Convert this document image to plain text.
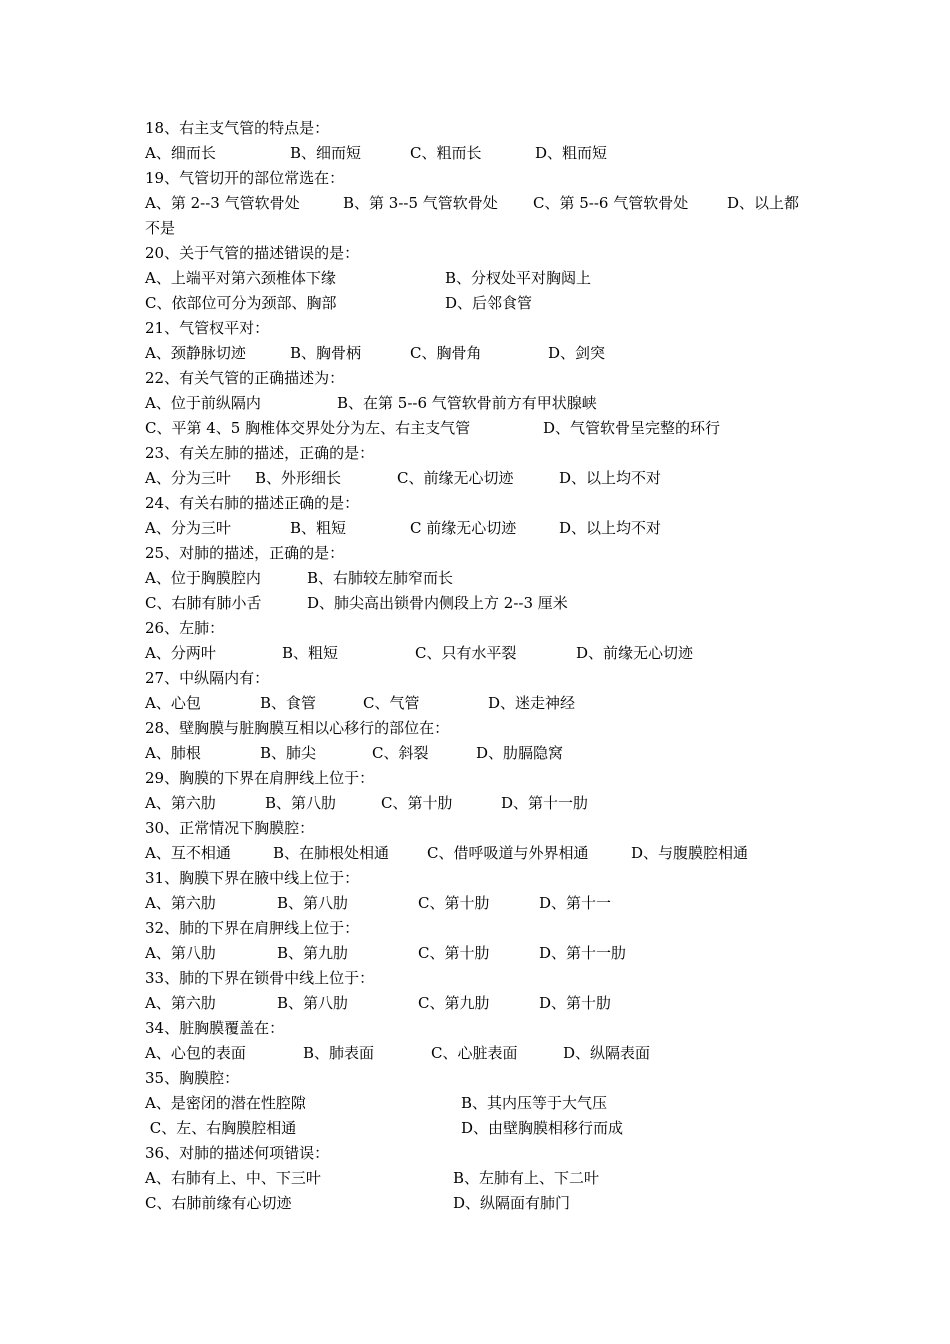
18、右主支气管的特点是：
A、细而长	B、细而短	C、粗而长	D、粗而短
19、气管切开的部位常选在：
A、第 2--3 气管软骨处	B、第 3--5 气管软骨处 C、第 5--6 气管软骨处	D、以上都
不是
20、关于气管的描述错误的是：
A、上端平对第六颈椎体下缘	B、分杈处平对胸闼上
C、依部位可分为颈部、胸部	D、后邻食管
21、气管杈平对：
A、颈静脉切迹	B、胸骨柄	C、胸骨角	D、剑突
22、有关气管的正确描述为：
A、位于前纵隔内	B、在第 5--6 气管软骨前方有甲状腺峡
C、平第 4、5 胸椎体交界处分为左、右主支气管	D、气管软骨呈完整的环行
23、有关左肺的描述，正确的是：
A、分为三叶 B、外形细长	C、前缘无心切迹	D、以上均不对
24、有关右肺的描述正确的是：
A、分为三叶	B、粗短	C 前缘无心切迹	D、以上均不对
25、对肺的描述，正确的是：
A、位于胸膜腔内	B、右肺较左肺窄而长
C、右肺有肺小舌	D、肺尖高出锁骨内侧段上方 2--3 厘米
26、左肺：
A、分两叶	B、粗短	C、只有水平裂	D、前缘无心切迹
27、中纵隔内有：
A、心包	B、食管	C、气管	D、迷走神经
28、壁胸膜与脏胸膜互相以心移行的部位在：
A、肺根	B、肺尖	C、斜裂	D、肋膈隐窝
29、胸膜的下界在肩胛线上位于：
A、第六肋	B、第八肋	C、第十肋	D、第十一肋
30、正常情况下胸膜腔：
A、互不相通	B、在肺根处相通	C、借呼吸道与外界相通	D、与腹膜腔相通
31、胸膜下界在腋中线上位于：
A、第六肋	B、第八肋	C、第十肋	D、第十一
32、肺的下界在肩胛线上位于：
A、第八肋	B、第九肋	C、第十肋	D、第十一肋
33、肺的下界在锁骨中线上位于：
A、第六肋	B、第八肋	C、第九肋	D、第十肋
34、脏胸膜覆盖在：
A、心包的表面	B、肺表面	C、心脏表面	D、纵隔表面
35、胸膜腔：
A、是密闭的潜在性腔隙	B、其内压等于大气压
C、左、右胸膜腔相通	D、由壁胸膜相移行而成
36、对肺的描述何项错误：
A、右肺有上、中、下三叶	B、左肺有上、下二叶
C、右肺前缘有心切迹	D、纵隔面有肺门
